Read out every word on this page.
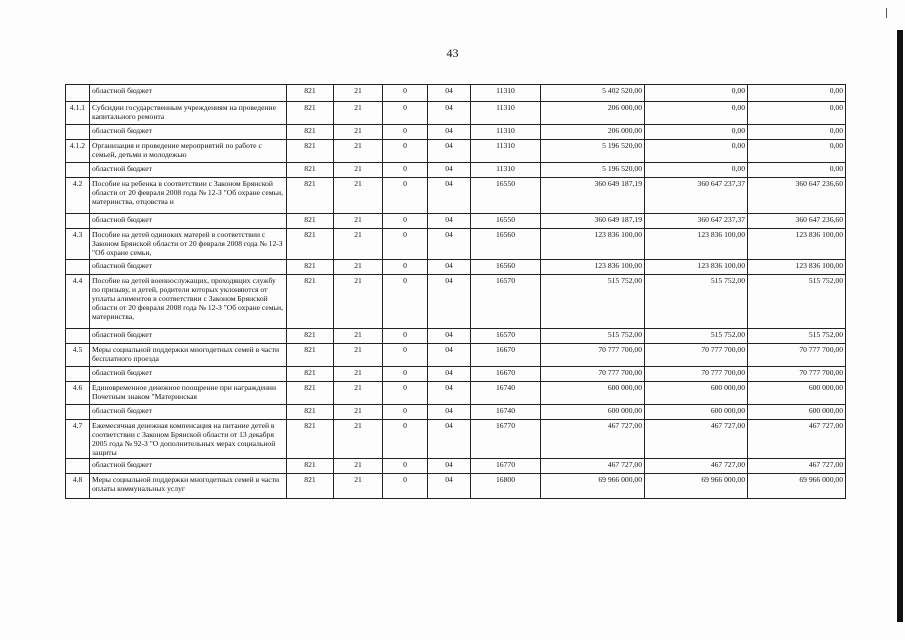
43
	областной бюджет	821	21	0	04	11310	5 402 520,00	0,00	0,00
4.1.1	Субсидии государственным учреждениям на проведение капитального ремонта	821	21	0	04	11310	206 000,00	0,00	0,00
	областной бюджет	821	21	0	04	11310	206 000,00	0,00	0,00
4.1.2	Организация и проведение мероприятий по работе с семьей, детьми и молодежью	821	21	0	04	11310	5 196 520,00	0,00	0,00
	областной бюджет	821	21	0	04	11310	5 196 520,00	0,00	0,00
4.2	Пособие на ребенка в соответствии с Законом Брянской области от 20 февраля 2008 года № 12-З "Об охране семьи, материнства, отцовства и	821	21	0	04	16550	360 649 187,19	360 647 237,37	360 647 236,60
	областной бюджет	821	21	0	04	16550	360 649 187,19	360 647 237,37	360 647 236,60
4.3	Пособие на детей одиноких матерей в соответствии с Законом Брянской области от 20 февраля 2008 года № 12-З "Об охране семьи,	821	21	0	04	16560	123 836 100,00	123 836 100,00	123 836 100,00
	областной бюджет	821	21	0	04	16560	123 836 100,00	123 836 100,00	123 836 100,00
4.4	Пособие на детей военнослужащих, проходящих службу по призыву, и детей, родители которых уклоняются от уплаты алиментов в соответствии с Законом Брянской области от 20 февраля 2008 года № 12-З "Об охране семьи, материнства,	821	21	0	04	16570	515 752,00	515 752,00	515 752,00
	областной бюджет	821	21	0	04	16570	515 752,00	515 752,00	515 752,00
4.5	Меры социальной поддержки многодетных семей в части бесплатного проезда	821	21	0	04	16670	70 777 700,00	70 777 700,00	70 777 700,00
	областной бюджет	821	21	0	04	16670	70 777 700,00	70 777 700,00	70 777 700,00
4.6	Единовременное денежное поощрение при награждении Почетным знаком "Материнская	821	21	0	04	16740	600 000,00	600 000,00	600 000,00
	областной бюджет	821	21	0	04	16740	600 000,00	600 000,00	600 000,00
4.7	Ежемесячная денежная компенсация на питание детей в соответствии с Законом Брянской области от 13 декабря 2005 года № 92-З "О дополнительных мерах социальной защиты	821	21	0	04	16770	467 727,00	467 727,00	467 727,00
	областной бюджет	821	21	0	04	16770	467 727,00	467 727,00	467 727,00
4.8	Меры социальной поддержки многодетных семей в части оплаты коммунальных услуг	821	21	0	04	16800	69 966 000,00	69 966 000,00	69 966 000,00
